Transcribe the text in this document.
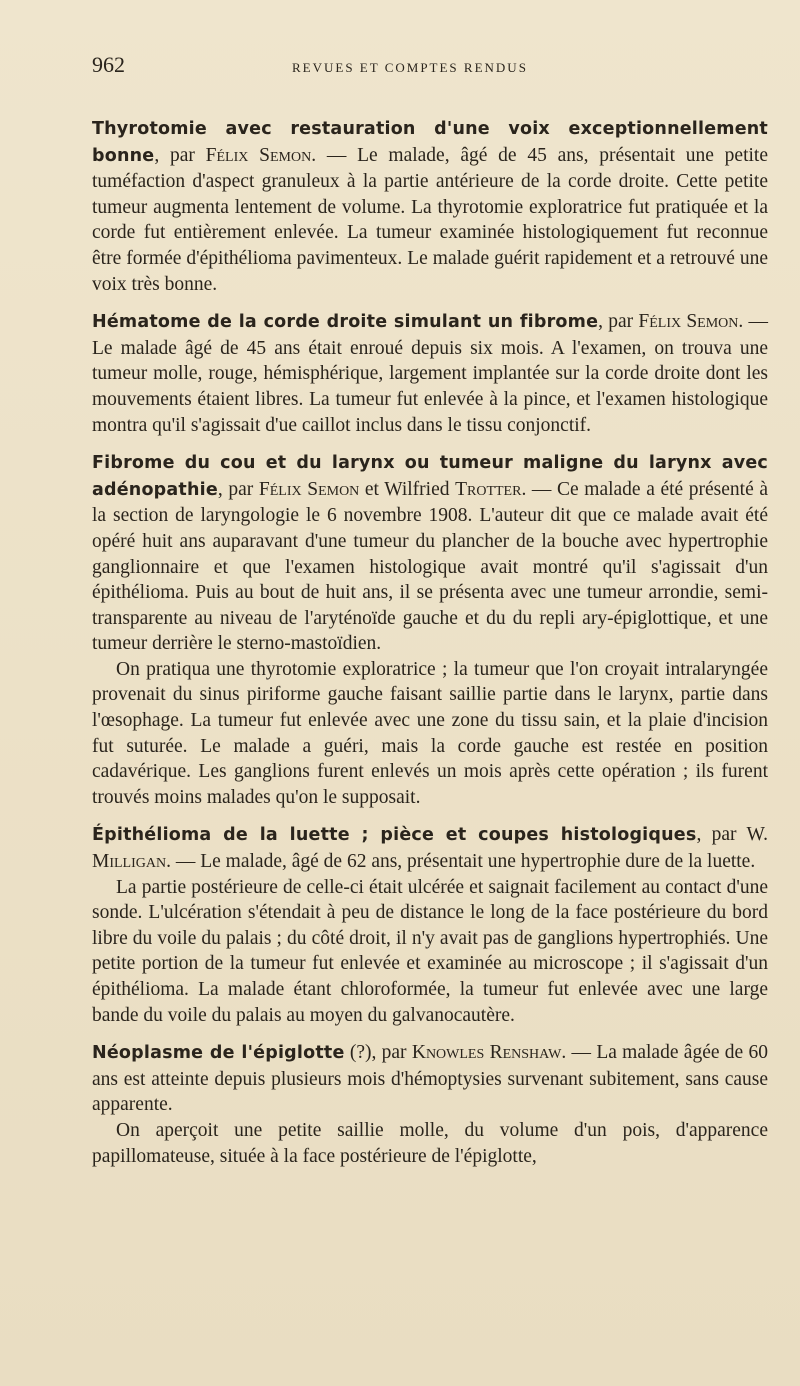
962	REVUES ET COMPTES RENDUS

Thyrotomie avec restauration d'une voix exceptionnellement bonne, par Félix Semon. — Le malade, âgé de 45 ans, présentait une petite tuméfaction d'aspect granuleux à la partie antérieure de la corde droite. Cette petite tumeur augmenta lentement de volume. La thyrotomie exploratrice fut pratiquée et la corde fut entièrement enlevée. La tumeur examinée histologiquement fut reconnue être formée d'épithélioma pavimenteux. Le malade guérit rapidement et a retrouvé une voix très bonne.

Hématome de la corde droite simulant un fibrome, par Félix Semon. — Le malade âgé de 45 ans était enroué depuis six mois. A l'examen, on trouva une tumeur molle, rouge, hémisphérique, largement implantée sur la corde droite dont les mouvements étaient libres. La tumeur fut enlevée à la pince, et l'examen histologique montra qu'il s'agissait d'ue caillot inclus dans le tissu conjonctif.

Fibrome du cou et du larynx ou tumeur maligne du larynx avec adénopathie, par Félix Semon et Wilfried Trotter. — Ce malade a été présenté à la section de laryngologie le 6 novembre 1908. L'auteur dit que ce malade avait été opéré huit ans auparavant d'une tumeur du plancher de la bouche avec hypertrophie ganglionnaire et que l'examen histologique avait montré qu'il s'agissait d'un épithélioma. Puis au bout de huit ans, il se présenta avec une tumeur arrondie, semi-transparente au niveau de l'aryténoïde gauche et du du repli ary-épiglottique, et une tumeur derrière le sterno-mastoïdien.

On pratiqua une thyrotomie exploratrice ; la tumeur que l'on croyait intralaryngée provenait du sinus piriforme gauche faisant saillie partie dans le larynx, partie dans l'œsophage. La tumeur fut enlevée avec une zone du tissu sain, et la plaie d'incision fut suturée. Le malade a guéri, mais la corde gauche est restée en position cadavérique. Les ganglions furent enlevés un mois après cette opération ; ils furent trouvés moins malades qu'on le supposait.

Épithélioma de la luette ; pièce et coupes histologiques, par W. Milligan. — Le malade, âgé de 62 ans, présentait une hypertrophie dure de la luette.

La partie postérieure de celle-ci était ulcérée et saignait facilement au contact d'une sonde. L'ulcération s'étendait à peu de distance le long de la face postérieure du bord libre du voile du palais ; du côté droit, il n'y avait pas de ganglions hypertrophiés. Une petite portion de la tumeur fut enlevée et examinée au microscope ; il s'agissait d'un épithélioma. La malade étant chloroformée, la tumeur fut enlevée avec une large bande du voile du palais au moyen du galvanocautère.

Néoplasme de l'épiglotte (?), par Knowles Renshaw. — La malade âgée de 60 ans est atteinte depuis plusieurs mois d'hémoptysies survenant subitement, sans cause apparente.

On aperçoit une petite saillie molle, du volume d'un pois, d'apparence papillomateuse, située à la face postérieure de l'épiglotte,
